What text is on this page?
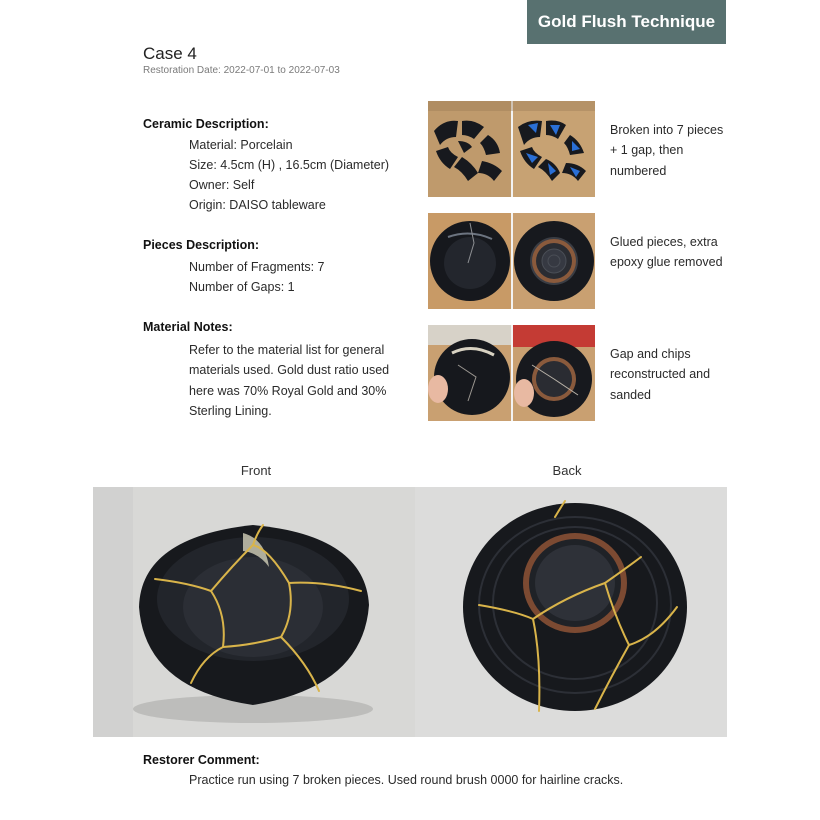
Gold Flush Technique
Case 4
Restoration Date: 2022-07-01 to 2022-07-03
Ceramic Description:
Material: Porcelain
Size: 4.5cm (H) , 16.5cm (Diameter)
Owner: Self
Origin: DAISO tableware
Pieces Description:
Number of Fragments: 7
Number of Gaps: 1
Material Notes:
Refer to the material list for general materials used. Gold dust ratio used here was 70% Royal Gold and 30% Sterling Lining.
Broken into 7 pieces + 1 gap, then numbered
Glued pieces, extra epoxy glue removed
Gap and chips reconstructed and sanded
Front	Back
Restorer Comment:
Practice run using 7 broken pieces. Used round brush 0000 for hairline cracks.
